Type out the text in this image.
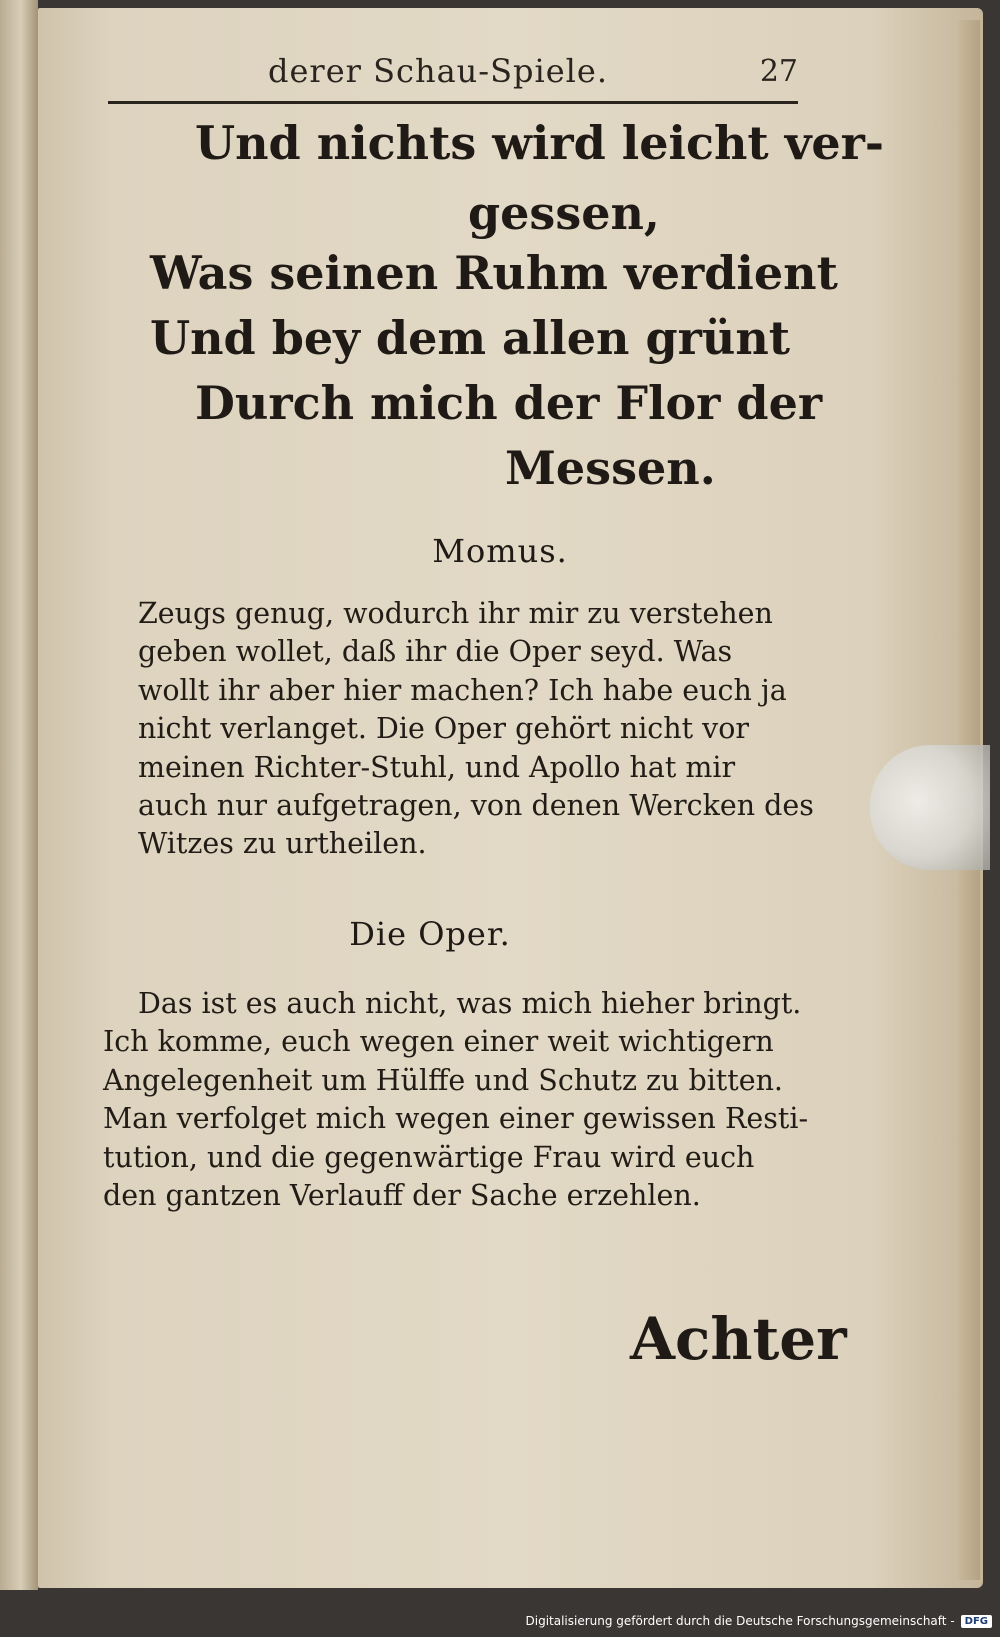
derer Schau-Spiele.	27
Und nichts wird leicht ver-
gessen,
Was seinen Ruhm verdient
Und bey dem allen grünt
Durch mich der Flor der
Messen.
Momus.
Zeugs genug, wodurch ihr mir zu verstehen
geben wollet, daß ihr die Oper seyd. Was
wollt ihr aber hier machen? Ich habe euch ja
nicht verlanget. Die Oper gehört nicht vor
meinen Richter-Stuhl, und Apollo hat mir
auch nur aufgetragen, von denen Wercken des
Witzes zu urtheilen.
Die Oper.
Das ist es auch nicht, was mich hieher bringt.
Ich komme, euch wegen einer weit wichtigern
Angelegenheit um Hülffe und Schutz zu bitten.
Man verfolget mich wegen einer gewissen Resti-
tution, und die gegenwärtige Frau wird euch
den gantzen Verlauff der Sache erzehlen.
Achter
Digitalisierung gefördert durch die Deutsche Forschungsgemeinschaft -	DFG
